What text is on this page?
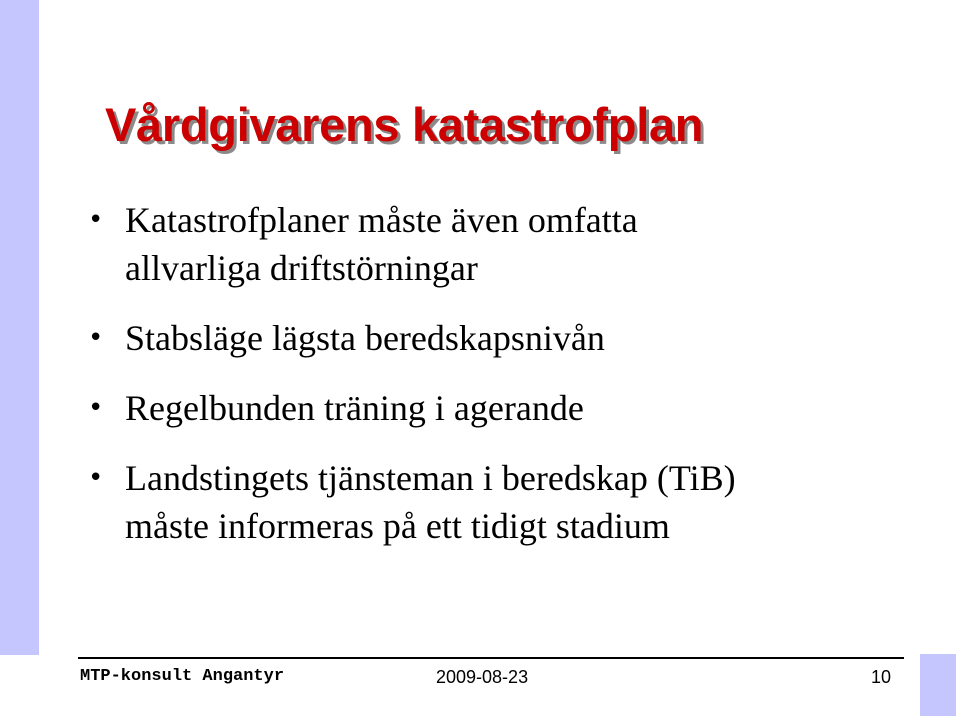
Vårdgivarens katastrofplan
• Katastrofplaner måste även omfatta
allvarliga driftstörningar
• Stabsläge lägsta beredskapsnivån
• Regelbunden träning i agerande
• Landstingets tjänsteman i beredskap (TiB)
måste informeras på ett tidigt stadium
MTP-konsult Angantyr	2009-08-23	10
